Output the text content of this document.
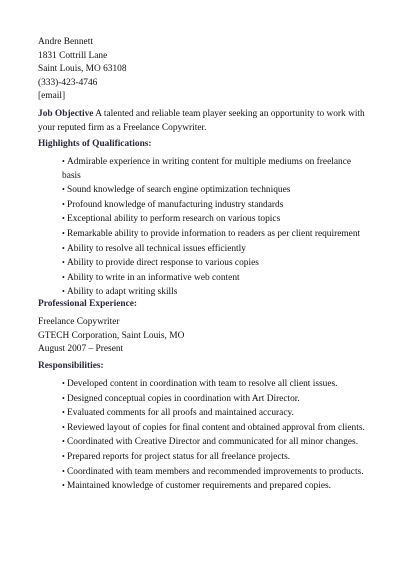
Andre Bennett
1831 Cottrill Lane
Saint Louis, MO 63108
(333)-423-4746
[email]
Job Objective A talented and reliable team player seeking an opportunity to work with your reputed firm as a Freelance Copywriter.
Highlights of Qualifications:
• Admirable experience in writing content for multiple mediums on freelance basis
• Sound knowledge of search engine optimization techniques
• Profound knowledge of manufacturing industry standards
• Exceptional ability to perform research on various topics
• Remarkable ability to provide information to readers as per client requirement
• Ability to resolve all technical issues efficiently
• Ability to provide direct response to various copies
• Ability to write in an informative web content
• Ability to adapt writing skills
Professional Experience:
Freelance Copywriter
GTECH Corporation, Saint Louis, MO
August 2007 – Present
Responsibilities:
• Developed content in coordination with team to resolve all client issues.
• Designed conceptual copies in coordination with Art Director.
• Evaluated comments for all proofs and maintained accuracy.
• Reviewed layout of copies for final content and obtained approval from clients.
• Coordinated with Creative Director and communicated for all minor changes.
• Prepared reports for project status for all freelance projects.
• Coordinated with team members and recommended improvements to products.
• Maintained knowledge of customer requirements and prepared copies.
